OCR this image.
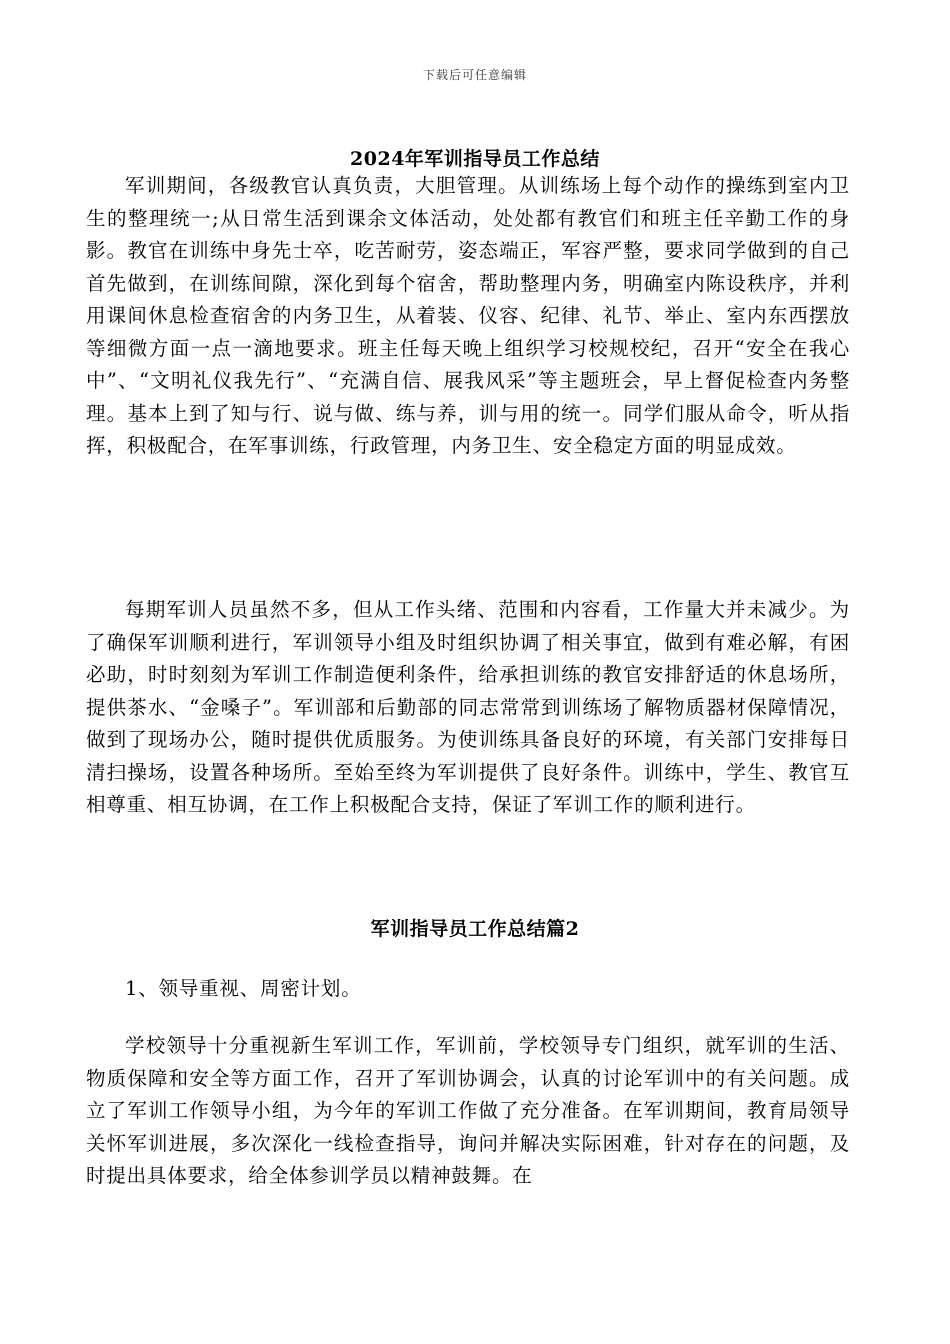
下载后可任意编辑
2024年军训指导员工作总结

军训期间，各级教官认真负责，大胆管理。从训练场上每个动作的操练到室内卫生的整理统一;从日常生活到课余文体活动，处处都有教官们和班主任辛勤工作的身影。教官在训练中身先士卒，吃苦耐劳，姿态端正，军容严整，要求同学做到的自己首先做到，在训练间隙，深化到每个宿舍，帮助整理内务，明确室内陈设秩序，并利用课间休息检查宿舍的内务卫生，从着装、仪容、纪律、礼节、举止、室内东西摆放等细微方面一点一滴地要求。班主任每天晚上组织学习校规校纪，召开“安全在我心中”、“文明礼仪我先行”、“充满自信、展我风采”等主题班会，早上督促检查内务整理。基本上到了知与行、说与做、练与养，训与用的统一。同学们服从命令，听从指挥，积极配合，在军事训练，行政管理，内务卫生、安全稳定方面的明显成效。

每期军训人员虽然不多，但从工作头绪、范围和内容看，工作量大并未减少。为了确保军训顺利进行，军训领导小组及时组织协调了相关事宜，做到有难必解，有困必助，时时刻刻为军训工作制造便利条件，给承担训练的教官安排舒适的休息场所，提供茶水、“金嗓子”。军训部和后勤部的同志常常到训练场了解物质器材保障情况，做到了现场办公，随时提供优质服务。为使训练具备良好的环境，有关部门安排每日清扫操场，设置各种场所。至始至终为军训提供了良好条件。训练中，学生、教官互相尊重、相互协调，在工作上积极配合支持，保证了军训工作的顺利进行。

军训指导员工作总结篇2

1、领导重视、周密计划。

学校领导十分重视新生军训工作，军训前，学校领导专门组织，就军训的生活、物质保障和安全等方面工作，召开了军训协调会，认真的讨论军训中的有关问题。成立了军训工作领导小组，为今年的军训工作做了充分准备。在军训期间，教育局领导关怀军训进展，多次深化一线检查指导，询问并解决实际困难，针对存在的问题，及时提出具体要求，给全体参训学员以精神鼓舞。在
